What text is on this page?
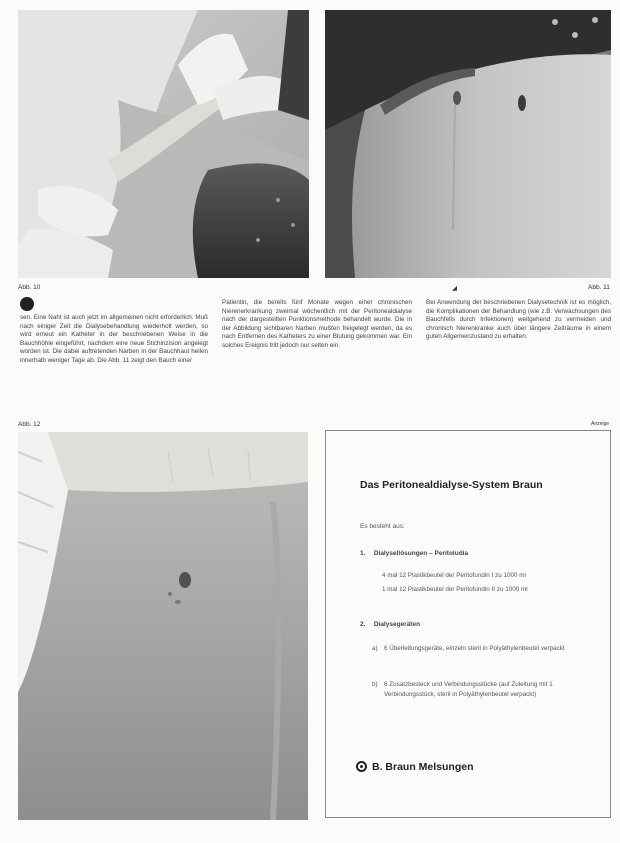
Abb. 10	◢	Abb. 11

sen. Eine Naht ist auch jetzt im allgemeinen nicht erforderlich. Muß nach einiger Zeit die Dialysebehandlung wiederholt werden, so wird erneut ein Katheter in der beschriebenen Weise in die Bauchhöhle eingeführt, nachdem eine neue Stichinzision angelegt worden ist. Die dabei auftretenden Narben in der Bauchhaut heilen innerhalb weniger Tage ab. Die Abb. 11 zeigt den Bauch einer

Patientin, die bereits fünf Monate wegen einer chronischen Nierenerkrankung zweimal wöchentlich mit der Peritonealdialyse nach der dargestellten Punktionsmethode behandelt wurde. Die in der Abbildung sichtbaren Narben mußten freigelegt werden, da es nach Entfernen des Katheters zu einer Blutung gekommen war. Ein solches Ereignis tritt jedoch nur selten ein.

Bei Anwendung der beschriebenen Dialysetechnik ist es möglich, die Komplikationen der Behandlung (wie z.B. Verwachsungen des Bauchfells durch Infektionen) weitgehend zu vermeiden und chronisch Nierenkranke auch über längere Zeiträume in einem guten Allgemeinzustand zu erhalten.

Abb. 12	Anzeige
Das Peritonealdialyse-System Braun
Es besteht aus:
1. Dialysellösungen – Peritoludia
4 mal 12 Plastikbeutel der Peritofundin I zu 1000 ml
1 mal 12 Plastikbeutel der Peritofundin II zu 1000 ml
2. Dialysegeräten
a) 6 Überleitungsgeräte, einzeln steril in Polyäthylenbeutel verpackt
b) 6 Zusatzbesteck und Verbindungsstücke (auf Zuleitung mit 1 Verbindungsstück, steril in Polyäthylenbeutel verpackt)
B. Braun Melsungen
